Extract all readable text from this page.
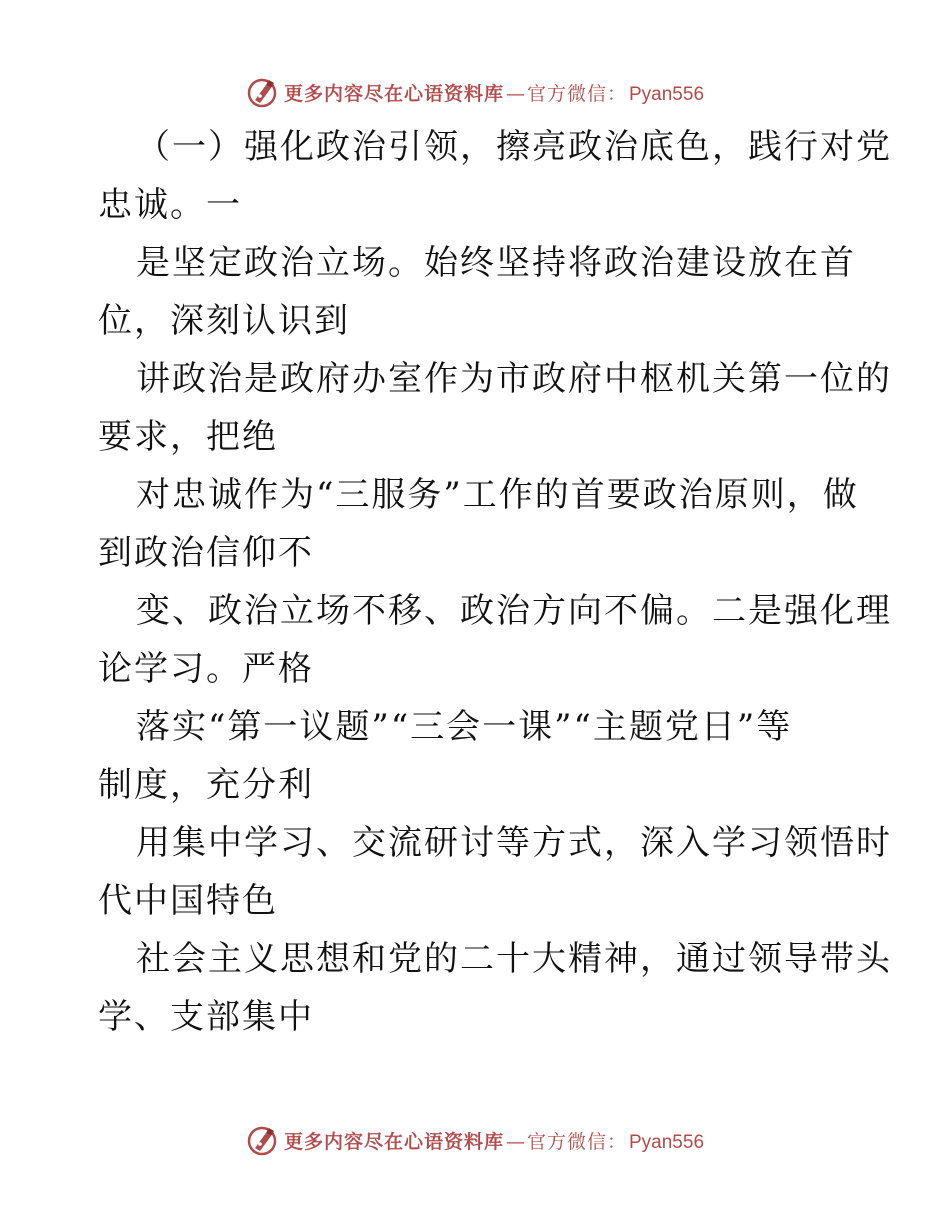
更多内容尽在心语资料库 — 官方微信： Pyan556
（一）强化政治引领，擦亮政治底色，践行对党
忠诚。一
是坚定政治立场。始终坚持将政治建设放在首
位，深刻认识到
讲政治是政府办室作为市政府中枢机关第一位的
要求，把绝
对忠诚作为“三服务”工作的首要政治原则，做
到政治信仰不
变、政治立场不移、政治方向不偏。二是强化理
论学习。严格
落实“第一议题”“三会一课”“主题党日”等
制度，充分利
用集中学习、交流研讨等方式，深入学习领悟时
代中国特色
社会主义思想和党的二十大精神，通过领导带头
学、支部集中
更多内容尽在心语资料库 — 官方微信： Pyan556
